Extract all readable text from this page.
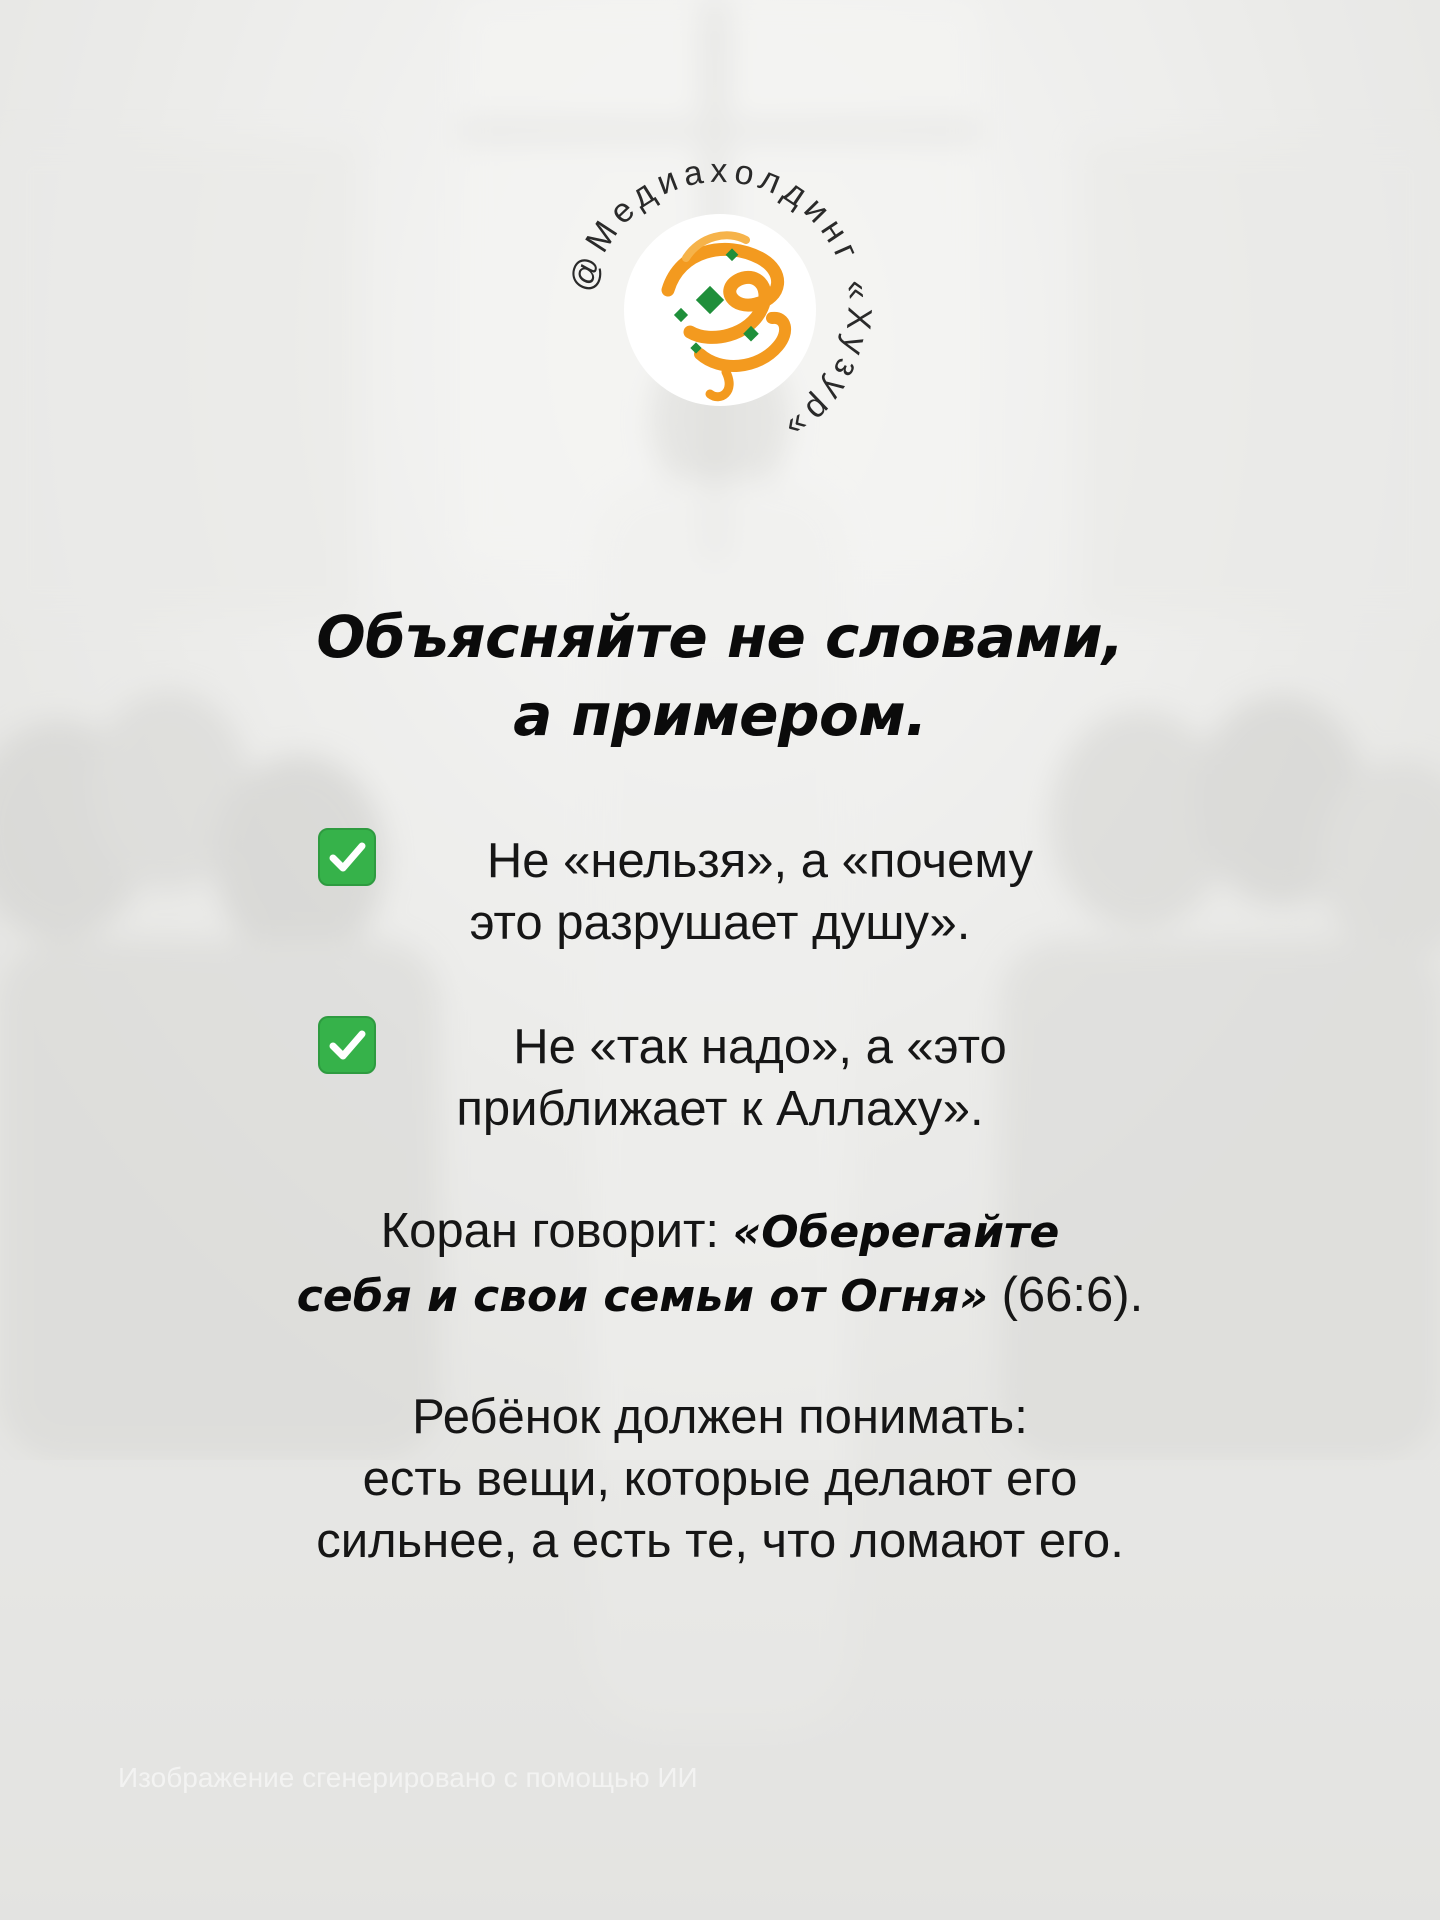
@Медиахолдинг «Хузур»
Объясняйте не словами,
а примером.
Не «нельзя», а «почему
это разрушает душу».
Не «так надо», а «это
приближает к Аллаху».
Коран говорит: «Оберегайте
себя и свои семьи от Огня» (66:6).
Ребёнок должен понимать:
есть вещи, которые делают его
сильнее, а есть те, что ломают его.
Изображение сгенерировано с помощью ИИ
